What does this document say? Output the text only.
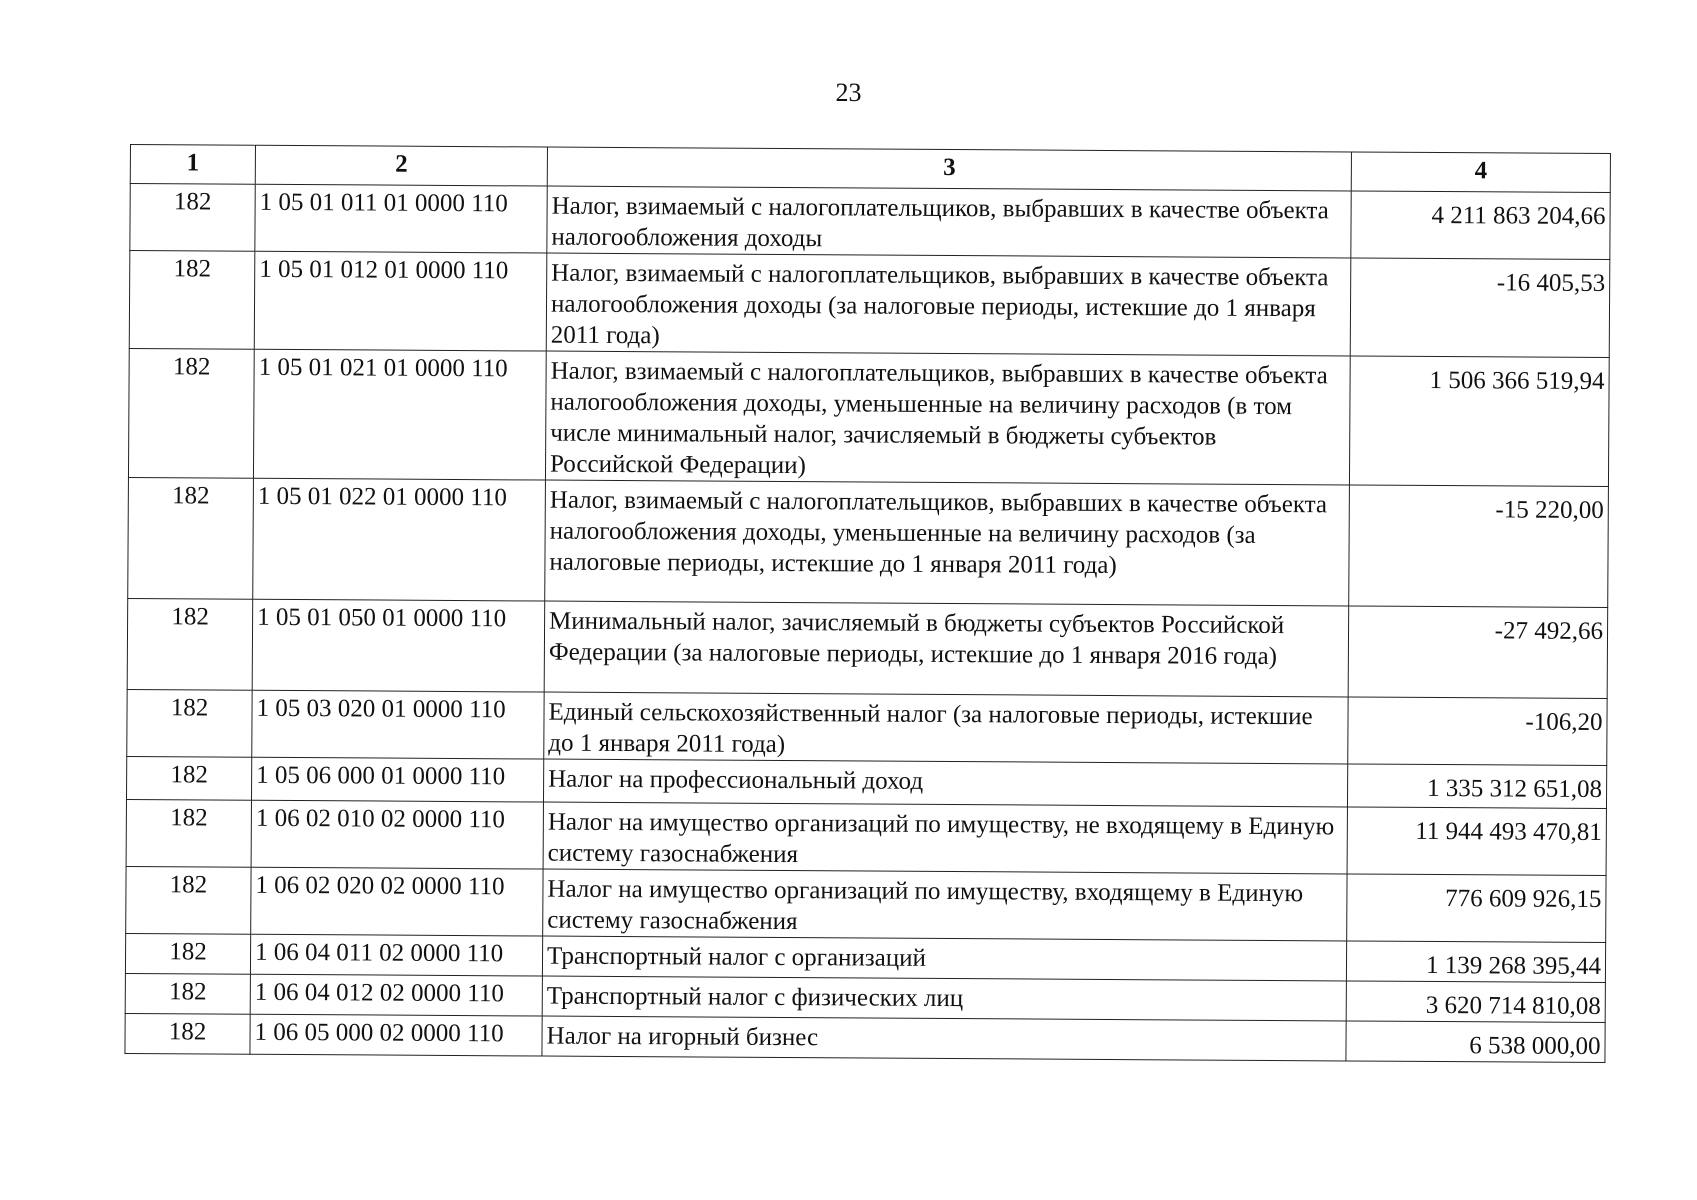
23
1	2	3	4
182	1 05 01 011 01 0000 110	Налог, взимаемый с налогоплательщиков, выбравших в качестве объекта налогообложения доходы	4 211 863 204,66
182	1 05 01 012 01 0000 110	Налог, взимаемый с налогоплательщиков, выбравших в качестве объекта налогообложения доходы (за налоговые периоды, истекшие до 1 января 2011 года)	-16 405,53
182	1 05 01 021 01 0000 110	Налог, взимаемый с налогоплательщиков, выбравших в качестве объекта налогообложения доходы, уменьшенные на величину расходов (в том числе минимальный налог, зачисляемый в бюджеты субъектов Российской Федерации)	1 506 366 519,94
182	1 05 01 022 01 0000 110	Налог, взимаемый с налогоплательщиков, выбравших в качестве объекта налогообложения доходы, уменьшенные на величину расходов (за налоговые периоды, истекшие до 1 января 2011 года)	-15 220,00
182	1 05 01 050 01 0000 110	Минимальный налог, зачисляемый в бюджеты субъектов Российской Федерации (за налоговые периоды, истекшие до 1 января 2016 года)	-27 492,66
182	1 05 03 020 01 0000 110	Единый сельскохозяйственный налог (за налоговые периоды, истекшие до 1 января 2011 года)	-106,20
182	1 05 06 000 01 0000 110	Налог на профессиональный доход	1 335 312 651,08
182	1 06 02 010 02 0000 110	Налог на имущество организаций по имуществу, не входящему в Единую систему газоснабжения	11 944 493 470,81
182	1 06 02 020 02 0000 110	Налог на имущество организаций по имуществу, входящему в Единую систему газоснабжения	776 609 926,15
182	1 06 04 011 02 0000 110	Транспортный налог с организаций	1 139 268 395,44
182	1 06 04 012 02 0000 110	Транспортный налог с физических лиц	3 620 714 810,08
182	1 06 05 000 02 0000 110	Налог на игорный бизнес	6 538 000,00
